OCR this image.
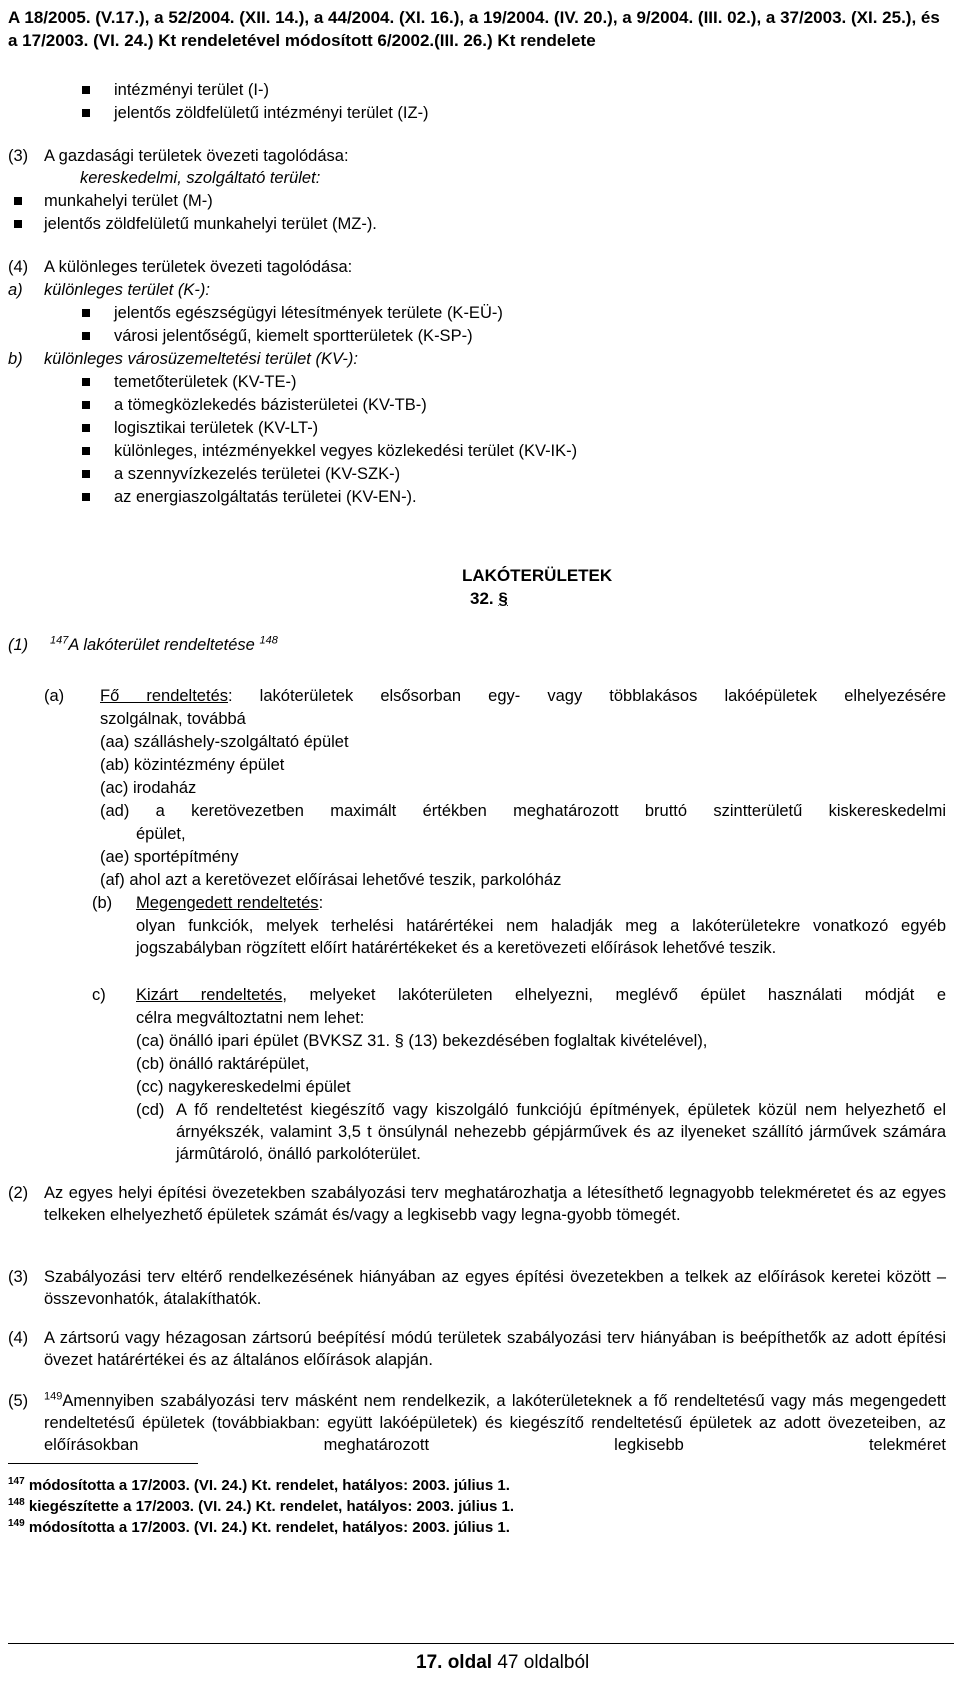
A 18/2005. (V.17.), a 52/2004. (XII. 14.), a 44/2004. (XI. 16.), a 19/2004. (IV. 20.), a 9/2004. (III. 02.), a 37/2003. (XI. 25.), és a 17/2003. (VI. 24.) Kt rendeletével módosított 6/2002.(III. 26.) Kt rendelete

intézményi terület (I-)

jelentős zöldfelületű intézményi terület (IZ-)

(3) A gazdasági területek övezeti tagolódása:

kereskedelmi, szolgáltató terület:

munkahelyi terület (M-)

jelentős zöldfelületű munkahelyi terület (MZ-).

(4) A különleges területek övezeti tagolódása:

a) különleges terület (K-):

jelentős egészségügyi létesítmények területe (K-EÜ-)

városi jelentőségű, kiemelt sportterületek (K-SP-)

b) különleges városüzemeltetési terület (KV-):

temetőterületek (KV-TE-)

a tömegközlekedés bázisterületei (KV-TB-)

logisztikai területek (KV-LT-)

különleges, intézményekkel vegyes közlekedési terület (KV-IK-)

a szennyvízkezelés területei (KV-SZK-)

az energiaszolgáltatás területei (KV-EN-).

LAKÓTERÜLETEK

32. §

(1) $^{147}$A lakóterület rendeltetése $^{148}$

(a) Fő rendeltetés: lakóterületek elsősorban egy- vagy többlakásos lakóépületek elhelyezésére

szolgálnak, továbbá

(aa) szálláshely-szolgáltató épület

(ab) közintézmény épület

(ac) irodaház

(ad) a keretövezetben maximált értékben meghatározott bruttó szintterületű kiskereskedelmi

épület,

(ae) sportépítmény

(af) ahol azt a keretövezet előírásai lehetővé teszik, parkolóház

(b) Megengedett rendeltetés:

olyan funkciók, melyek terhelési határértékei nem haladják meg a lakóterületekre vonatkozó egyéb jogszabályban rögzített előírt határértékeket és a keretövezeti előírások lehetővé teszik.

c) Kizárt rendeltetés, melyeket lakóterületen elhelyezni, meglévő épület használati módját e

célra megváltoztatni nem lehet:

(ca) önálló ipari épület (BVKSZ 31. § (13) bekezdésében foglaltak kivételével),

(cb) önálló raktárépület,

(cc) nagykereskedelmi épület

(cd) A fő rendeltetést kiegészítő vagy kiszolgáló funkciójú építmények, épületek közül nem helyezhető el árnyékszék, valamint 3,5 t önsúlynál nehezebb gépjárművek és az ilyeneket szállító járművek számára jármûtároló, önálló parkolóterület.

(2) Az egyes helyi építési övezetekben szabályozási terv meghatározhatja a létesíthető legnagyobb telekméretet és az egyes telkeken elhelyezhető épületek számát és/vagy a legkisebb vagy legna-gyobb tömegét.

(3) Szabályozási terv eltérő rendelkezésének hiányában az egyes építési övezetekben a telkek az előírások keretei között – összevonhatók, átalakíthatók.

(4) A zártsorú vagy hézagosan zártsorú beépítésí módú területek szabályozási terv hiányában is beépíthetők az adott építési övezet határértékei és az általános előírások alapján.

(5) $^{149}$Amennyiben szabályozási terv másként nem rendelkezik, a lakóterületeknek a fő rendeltetésű vagy más megengedett rendeltetésű épületek (továbbiakban: együtt lakóépületek) és kiegészítő rendeltetésű épületek az adott övezeteiben, az előírásokban meghatározott legkisebb telekméret

$^{147}$ módosította a 17/2003. (VI. 24.) Kt. rendelet, hatályos: 2003. július 1.

$^{148}$ kiegészítette a 17/2003. (VI. 24.) Kt. rendelet, hatályos: 2003. július 1.

$^{149}$ módosította a 17/2003. (VI. 24.) Kt. rendelet, hatályos: 2003. július 1.

17. oldal 47 oldalból
